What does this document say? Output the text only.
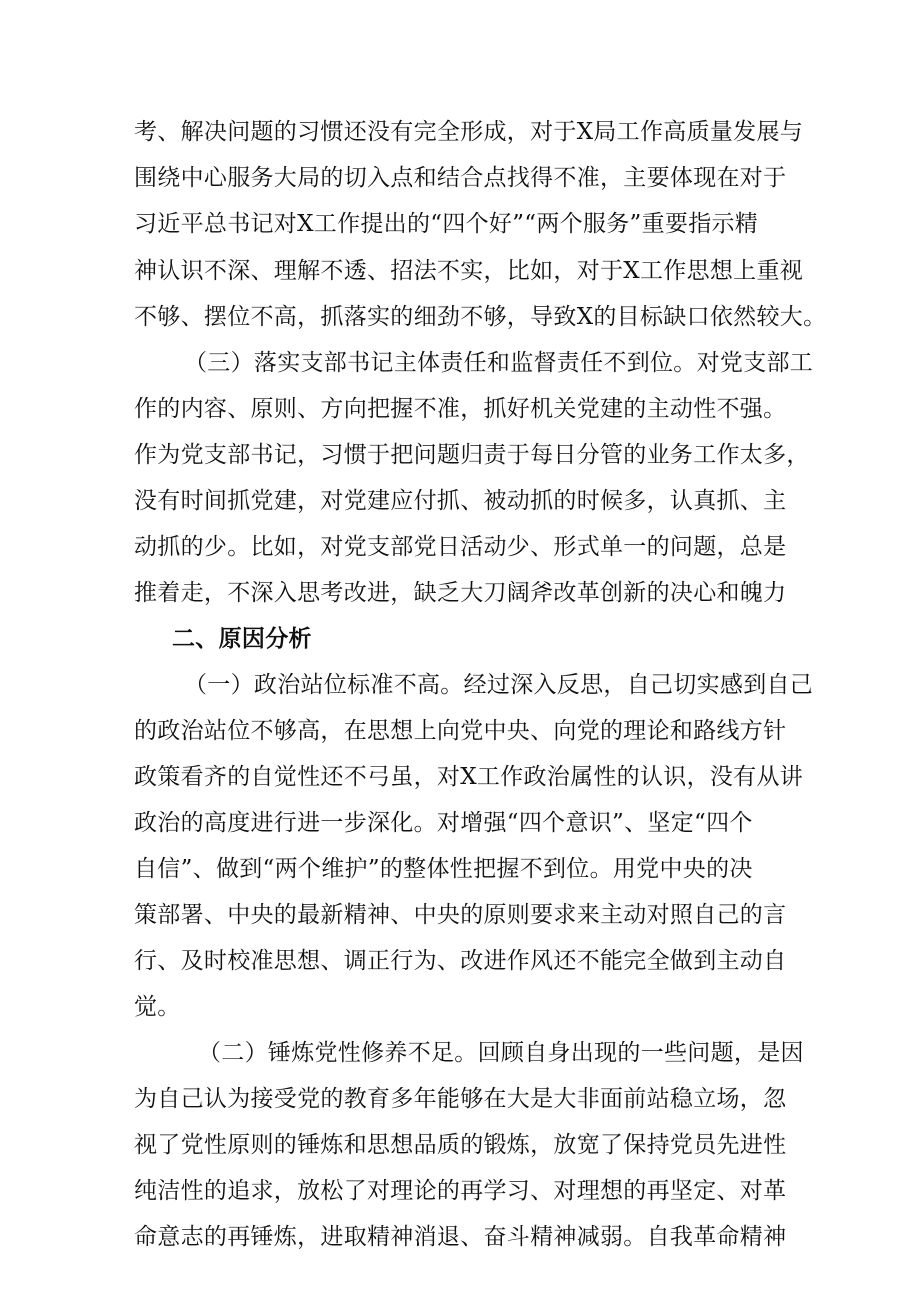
考、解决问题的习惯还没有完全形成，对于X局工作高质量发展与
围绕中心服务大局的切入点和结合点找得不准，主要体现在对于
习近平总书记对X工作提出的“四个好”“两个服务”重要指示精
神认识不深、理解不透、招法不实，比如，对于X工作思想上重视
不够、摆位不高，抓落实的细劲不够，导致X的目标缺口依然较大。
（三）落实支部书记主体责任和监督责任不到位。对党支部工
作的内容、原则、方向把握不准，抓好机关党建的主动性不强。
作为党支部书记，习惯于把问题归责于每日分管的业务工作太多，
没有时间抓党建，对党建应付抓、被动抓的时候多，认真抓、主
动抓的少。比如，对党支部党日活动少、形式单一的问题，总是
推着走，不深入思考改进，缺乏大刀阔斧改革创新的决心和魄力
二、原因分析
（一）政治站位标准不高。经过深入反思，自己切实感到自己
的政治站位不够高，在思想上向党中央、向党的理论和路线方针
政策看齐的自觉性还不弓虽，对X工作政治属性的认识，没有从讲
政治的高度进行进一步深化。对增强“四个意识”、坚定“四个
自信”、做到“两个维护”的整体性把握不到位。用党中央的决
策部署、中央的最新精神、中央的原则要求来主动对照自己的言
行、及时校准思想、调正行为、改进作风还不能完全做到主动自
觉。
（二）锤炼党性修养不足。回顾自身出现的一些问题，是因
为自己认为接受党的教育多年能够在大是大非面前站稳立场，忽
视了党性原则的锤炼和思想品质的锻炼，放宽了保持党员先进性
纯洁性的追求，放松了对理论的再学习、对理想的再坚定、对革
命意志的再锤炼，进取精神消退、奋斗精神减弱。自我革命精神
